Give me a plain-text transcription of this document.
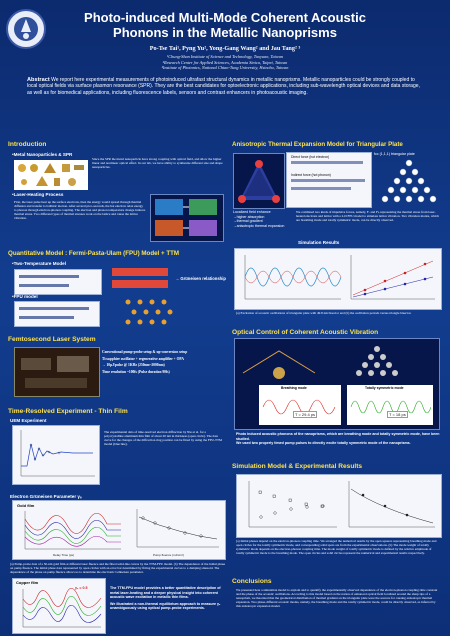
Photo-induced Multi-Mode Coherent Acoustic
Phonons in the Metallic Nanoprisms
Po-Tse Tai¹, Pyng Yu², Yong-Gang Wang² and Jau Tang² ³
¹Chung-Shan Institute of Science and Technology, Taoyuan, Taiwan
²Research Center for Applied Sciences, Academia Sinica, Taipei, Taiwan
³Institute of Photonics, National Chiao-Tung University, Hsinchu, Taiwan
Abstract We report here experimental measurements of photoinduced ultrafast structural dynamics in metallic nanoprisms. Metallic nanoparticles could be strongly coupled to local optical fields via surface plasmon resonance (SPR). They are the best candidates for optoelectronic applications, including sub-wavelength optical devices and data storage, as well as for biomedical applications, including fluorescence labels, sensors and contrast enhancers in photoacoustic imaging.
Introduction
•Metal Nanoparticles & SPR
Since the SPR the metal nanoparticle have strong coupling with optical field, and allow the higher linear and nonlinear optical effect. In our lab, we have ability to synthesize different size and shape nanoparticles.
•Laser-Heating Process
First, the laser pulse heat up the surface electrons, then the energy would spread through thermal diffusion and transfer to ballistic motion. After several pico-seconds, the hot electron relax energy to phonon through electron-phonon coupling. The electron and phonon temperature change induces thermal stress. Two different types of thermal stresses work on the lattice and cause the lattice vibration.
Quantitative Model : Fermi-Pasta-Ulam (FPU) Model + TTM
•Two-Temperature Model
→ Grüneisen relationship
•FPU model
Femtosecond Laser System
Conventional pump-probe setup & up-conversion setup
Ti:sapphire oscillator + regenerative amplifier + OPA
→ 10μJ/pulse @ 1KHz (250nm~2000nm)
Time resolution ~100fs (Pulse duration 90fs)
Time-Resolved Experiment - Thin Film
UEM Experiment
The experimental data of time-resolved electron diffraction by Nie et al. for a polycrystalline aluminum thin film of about 20 nm in thickness (open circle). The data curve for the changes of the diffraction ring position can be fitted by using the FPU-TTM model (blue line).
Electron Grüneisen Parameter γₑ
Gold film
Delay Time (ps)	Pump fluence (mJ/cm²)
(a) Pump-probe data of a 50-nm gold film at different laser fluence and the fitted solid-line curves by the TTM-FPU model. (b) The dependence of the initial phase on pump fluence. The initial phase data represented by open circles with an error bar determined by fitting the experimental curves to a damping sinusoid. The dependence of the phase on pump fluence allows us to determine the electronic Grüneisen parameter.
Copper film
γₑ = 0.5	The TTM-FPU model provides a better quantitative description of metal laser-heating and a deeper physical insight into coherent acoustic wave excitation in metallic thin films.
We illustrated a non-thermal equilibrium approach to measure γₑ unambiguously using optical pump-probe experiments.
Anisotropic Thermal Expansion Model for Triangular Plate
Direct force (hot electron)
Indirect force (hot phonon)
fcc (1,1,1) triangular plate
Localized field enhance
→higher absorption
→thermal gradient
→anisotropic thermal expansion
We combined two kinds of impulsive forces, namely, Fₑ and Fₚ representing the thermal stress from laser-heated electrons and lattice with a 2-D FPU model to simulate lattice vibration. Two vibration modes, which are breathing mode and totally symmetric mode, can be directly observed.
Simulation Results
(a) Excitation of acoustic oscillations of triangular plate with 49.8 nm bisector and (b) the oscillation periods versus triangle bisector.
Optical Control of Coherent Acoustic Vibration
Breathing mode
T = 29.4 ps
Totally symmetric mode
T = 18 ps
Photo induced acoustic phonons of the nanoprisms, which are breathing mode and totally symmetric mode, have been studied.
We used two properly timed pump pulses to directly excite totally symmetric mode of the nanoprisms.
Simulation Model & Experimental Results
(a) Initial phases depend on the electron-phonon coupling time. We arranged the numerical results by the open squares representing breathing mode and open circles for the totally symmetric mode, and corresponding solid spots are from the experimental observations. (b) The mode weight of totally symmetric mode depends on the electron-phonon coupling time. The mode weight of totally symmetric mode is defined by the relative amplitude of totally symmetric mode to the breathing mode. The open circles and solid circles represent the numerical and experimental results respectively.
Conclusions
We presented here a simulation model to explain and to quantify the experimentally observed dependence of the electron-phonon coupling time constant and the phase of the acoustic oscillations. According to this model based on the notion of enhanced optical field localized around the sharp tips of a nanoprism, we theorized that the geometrical distribution of thermal gradient on the triangular plate were the sources for causing anisotropic thermal expansion. Two phase-different acoustic modes, namely, the breathing mode and the totally symmetric mode, could be directly observed, as inferred by this anisotropic expansion model.
